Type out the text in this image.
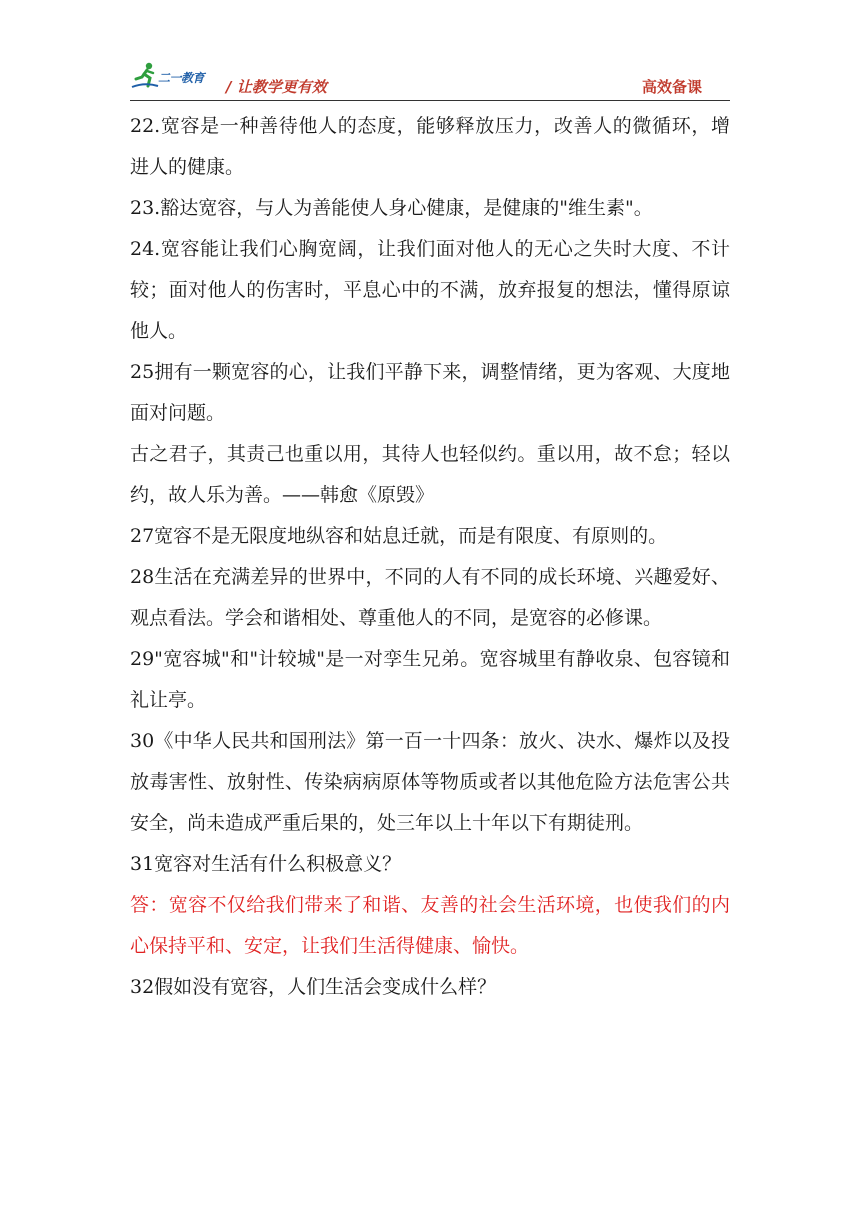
二一教育 / 让教学更有效	高效备课

22.宽容是一种善待他人的态度，能够释放压力，改善人的微循环，增进人的健康。

23.豁达宽容，与人为善能使人身心健康，是健康的"维生素"。

24.宽容能让我们心胸宽阔，让我们面对他人的无心之失时大度、不计较；面对他人的伤害时，平息心中的不满，放弃报复的想法，懂得原谅他人。

25拥有一颗宽容的心，让我们平静下来，调整情绪，更为客观、大度地面对问题。

古之君子，其责己也重以用，其待人也轻似约。重以用，故不怠；轻以约，故人乐为善。——韩愈《原毁》

27宽容不是无限度地纵容和姑息迁就，而是有限度、有原则的。

28生活在充满差异的世界中，不同的人有不同的成长环境、兴趣爱好、观点看法。学会和谐相处、尊重他人的不同，是宽容的必修课。

29"宽容城"和"计较城"是一对孪生兄弟。宽容城里有静收泉、包容镜和礼让亭。

30《中华人民共和国刑法》第一百一十四条：放火、决水、爆炸以及投放毒害性、放射性、传染病病原体等物质或者以其他危险方法危害公共安全，尚未造成严重后果的，处三年以上十年以下有期徒刑。

31宽容对生活有什么积极意义？

答：宽容不仅给我们带来了和谐、友善的社会生活环境，也使我们的内心保持平和、安定，让我们生活得健康、愉快。

32假如没有宽容，人们生活会变成什么样？
